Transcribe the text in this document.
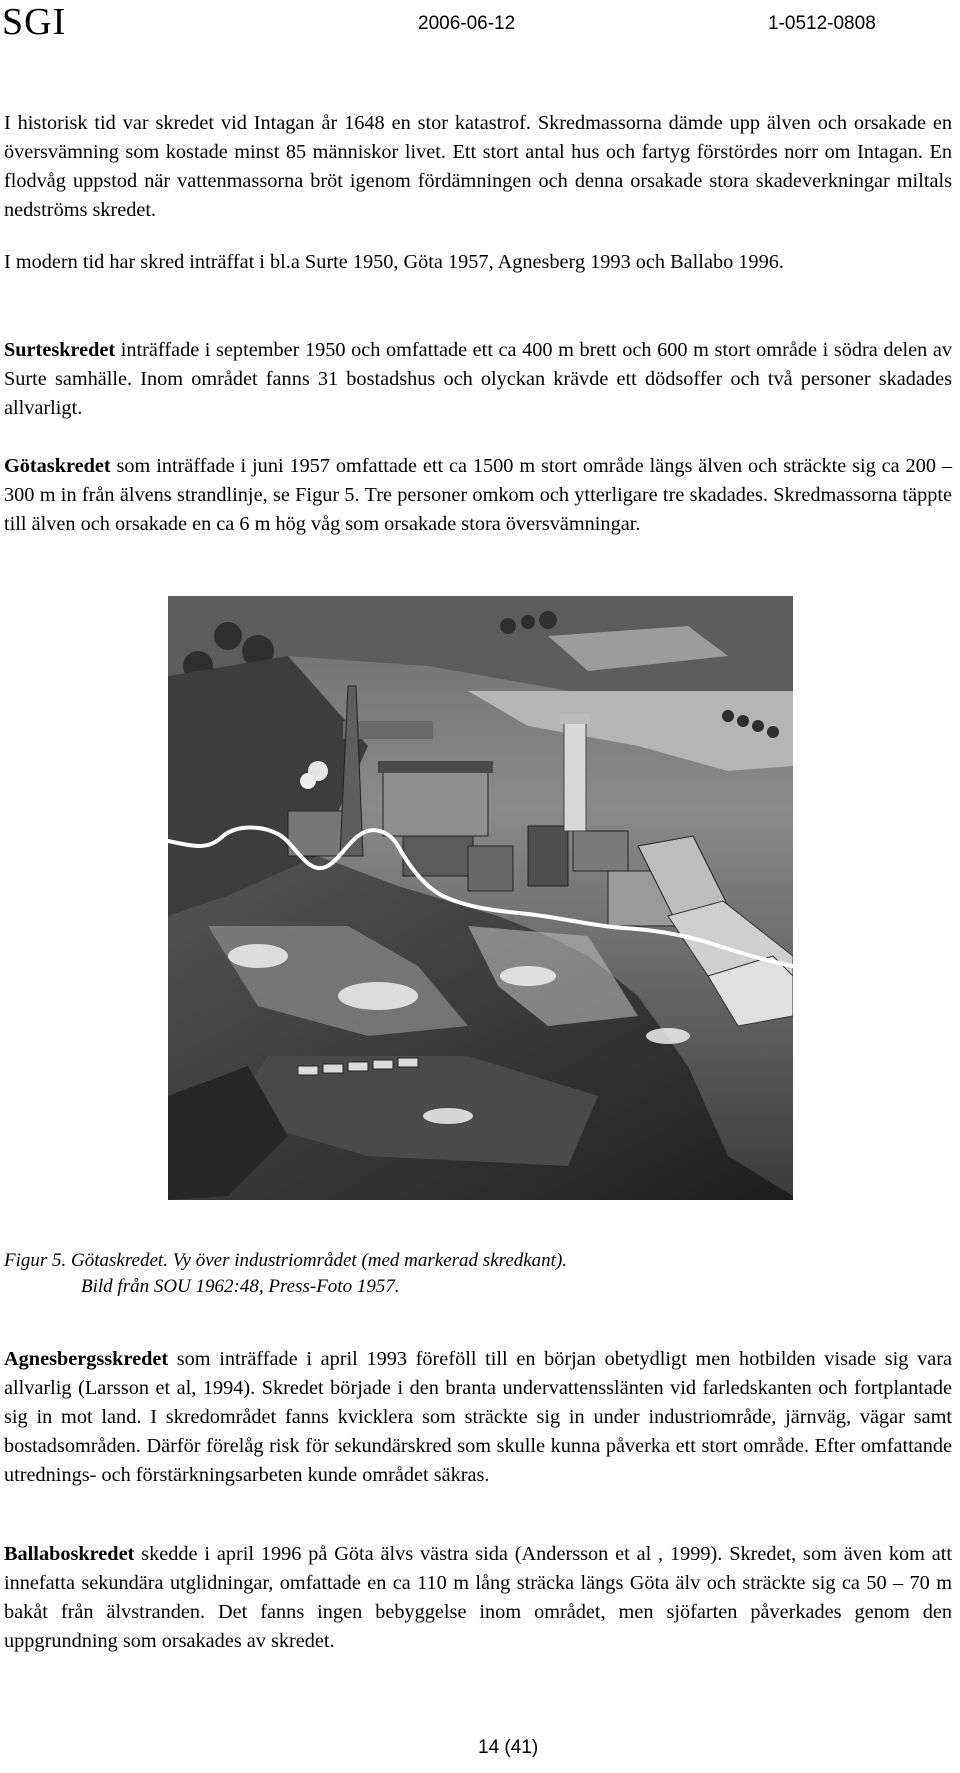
SGI	2006-06-12	1-0512-0808

I historisk tid var skredet vid Intagan år 1648 en stor katastrof. Skredmassorna dämde upp älven och orsakade en översvämning som kostade minst 85 människor livet. Ett stort antal hus och fartyg förstördes norr om Intagan. En flodvåg uppstod när vattenmassorna bröt igenom fördämningen och denna orsakade stora skadeverkningar miltals nedströms skredet.

I modern tid har skred inträffat i bl.a Surte 1950, Göta 1957, Agnesberg 1993 och Ballabo 1996.

Surteskredet inträffade i september 1950 och omfattade ett ca 400 m brett och 600 m stort område i södra delen av Surte samhälle. Inom området fanns 31 bostadshus och olyckan krävde ett dödsoffer och två personer skadades allvarligt.

Götaskredet som inträffade i juni 1957 omfattade ett ca 1500 m stort område längs älven och sträckte sig ca 200 – 300 m in från älvens strandlinje, se Figur 5. Tre personer omkom och ytterligare tre skadades. Skredmassorna täppte till älven och orsakade en ca 6 m hög våg som orsakade stora översvämningar.

Figur 5. Götaskredet. Vy över industriområdet (med markerad skredkant).
Bild från SOU 1962:48, Press-Foto 1957.

Agnesbergsskredet som inträffade i april 1993 föreföll till en början obetydligt men hotbilden visade sig vara allvarlig (Larsson et al, 1994). Skredet började i den branta undervattensslänten vid farledskanten och fortplantade sig in mot land. I skredområdet fanns kvicklera som sträckte sig in under industriområde, järnväg, vägar samt bostadsområden. Därför förelåg risk för sekundärskred som skulle kunna påverka ett stort område. Efter omfattande utrednings- och förstärkningsarbeten kunde området säkras.

Ballaboskredet skedde i april 1996 på Göta älvs västra sida (Andersson et al , 1999). Skredet, som även kom att innefatta sekundära utglidningar, omfattade en ca 110 m lång sträcka längs Göta älv och sträckte sig ca 50 – 70 m bakåt från älvstranden. Det fanns ingen bebyggelse inom området, men sjöfarten påverkades genom den uppgrundning som orsakades av skredet.

14 (41)
